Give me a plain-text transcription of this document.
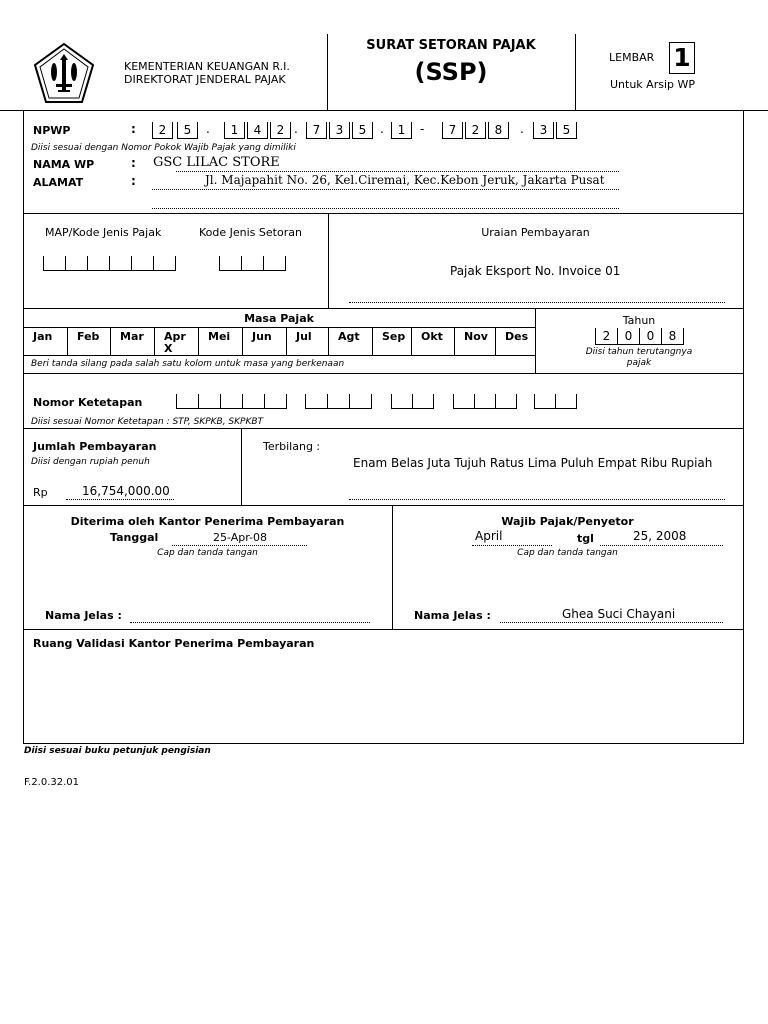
KEMENTERIAN KEUANGAN R.I.
DIREKTORAT JENDERAL PAJAK
SURAT SETORAN PAJAK
(SSP)
LEMBAR 1
Untuk Arsip WP
NPWP	:	2	5	.	1	4	2 .	7	3	5	.	1	-	7	2	8	.	3	5
Diisi sesuai dengan Nomor Pokok Wajib Pajak yang dimiliki
NAMA WP	: GSC LILAC STORE
ALAMAT	:	Jl. Majapahit No. 26, Kel.Ciremai, Kec.Kebon Jeruk, Jakarta Pusat
MAP/Kode Jenis Pajak	Kode Jenis Setoran	Uraian Pembayaran
Pajak Eksport No. Invoice 01
Masa Pajak
Jan Feb Mar Apr
X
Mei Jun Jul Agt Sep Okt Nov Des
Beri tanda silang pada salah satu kolom untuk masa yang berkenaan
Tahun
2	0	0	8
Diisi tahun terutangnya
pajak
Nomor Ketetapan
Diisi sesuai Nomor Ketetapan : STP, SKPKB, SKPKBT
Jumlah Pembayaran
Diisi dengan rupiah penuh
Rp	16,754,000.00
Terbilang :
Enam Belas Juta Tujuh Ratus Lima Puluh Empat Ribu Rupiah
Diterima oleh Kantor Penerima Pembayaran
Tanggal	25-Apr-08
Cap dan tanda tangan
Nama Jelas :
Wajib Pajak/Penyetor
April	tgl	25, 2008
Cap dan tanda tangan
Nama Jelas :	Ghea Suci Chayani
Ruang Validasi Kantor Penerima Pembayaran
Diisi sesuai buku petunjuk pengisian
F.2.0.32.01
